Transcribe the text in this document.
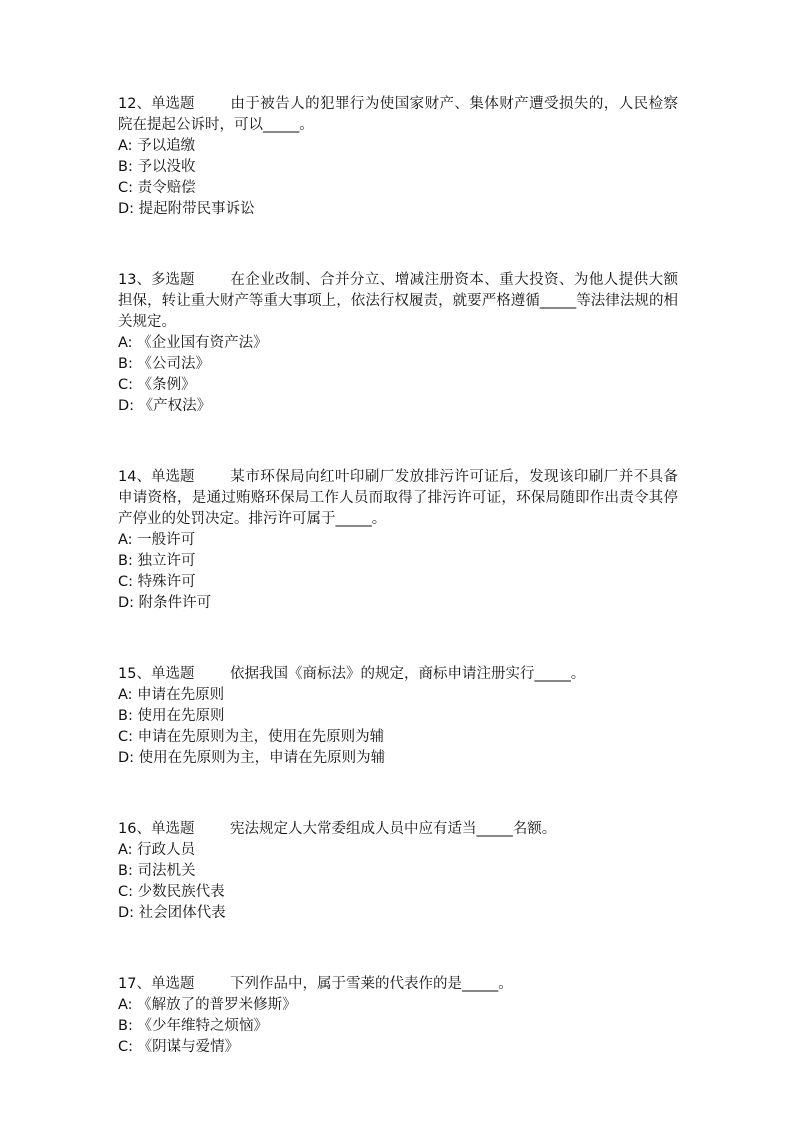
12、单选题 由于被告人的犯罪行为使国家财产、集体财产遭受损失的，人民检察院在提起公诉时，可以_____。
A: 予以追缴
B: 予以没收
C: 责令赔偿
D: 提起附带民事诉讼
13、多选题 在企业改制、合并分立、增减注册资本、重大投资、为他人提供大额担保，转让重大财产等重大事项上，依法行权履责，就要严格遵循_____等法律法规的相关规定。
A: 《企业国有资产法》
B: 《公司法》
C: 《条例》
D: 《产权法》
14、单选题 某市环保局向红叶印刷厂发放排污许可证后，发现该印刷厂并不具备申请资格，是通过贿赂环保局工作人员而取得了排污许可证，环保局随即作出责令其停产停业的处罚决定。排污许可属于_____。
A: 一般许可
B: 独立许可
C: 特殊许可
D: 附条件许可
15、单选题 依据我国《商标法》的规定，商标申请注册实行_____。
A: 申请在先原则
B: 使用在先原则
C: 申请在先原则为主，使用在先原则为辅
D: 使用在先原则为主，申请在先原则为辅
16、单选题 宪法规定人大常委组成人员中应有适当_____名额。
A: 行政人员
B: 司法机关
C: 少数民族代表
D: 社会团体代表
17、单选题 下列作品中，属于雪莱的代表作的是_____。
A: 《解放了的普罗米修斯》
B: 《少年维特之烦恼》
C: 《阴谋与爱情》
